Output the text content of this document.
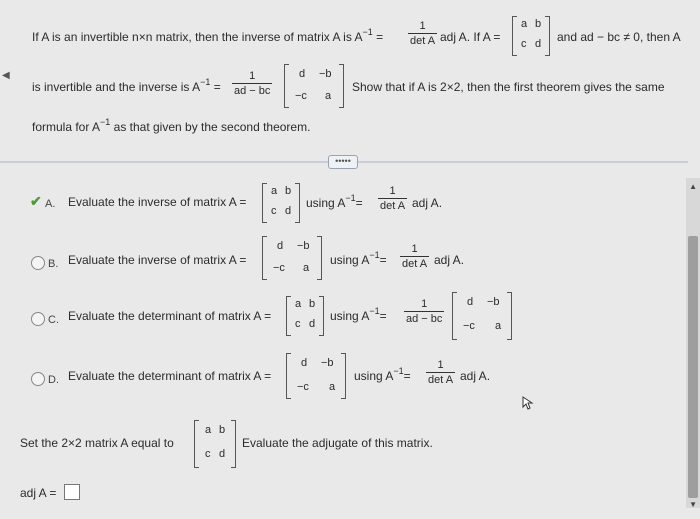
◀
If A is an invertible n×n matrix, then the inverse of matrix A is $A^{-1}$ =
1
det A adj A. If A =
a b
c d and ad − bc ≠ 0, then A
is invertible and the inverse is $A^{-1}$ =
1
ad − bc
d −b
−c a
Show that if A is 2×2, then the first theorem gives the same
formula for $A^{-1}$ as that given by the second theorem.
•••••
✔ A. Evaluate the inverse of matrix A =
a b
c d
using $A^{-1}=$
1
det A adj A.
B. Evaluate the inverse of matrix A =
d −b
−c a
using $A^{-1}=$
1
det A adj A.
C. Evaluate the determinant of matrix A =
a b
c d
using $A^{-1}=$
1
ad − bc
d −b
−c a
D. Evaluate the determinant of matrix A =
d −b
−c a
using $A^{-1}=$
1
det A adj A.
Set the 2×2 matrix A equal to
a b
c d
Evaluate the adjugate of this matrix.
adj A =
▲
▼
